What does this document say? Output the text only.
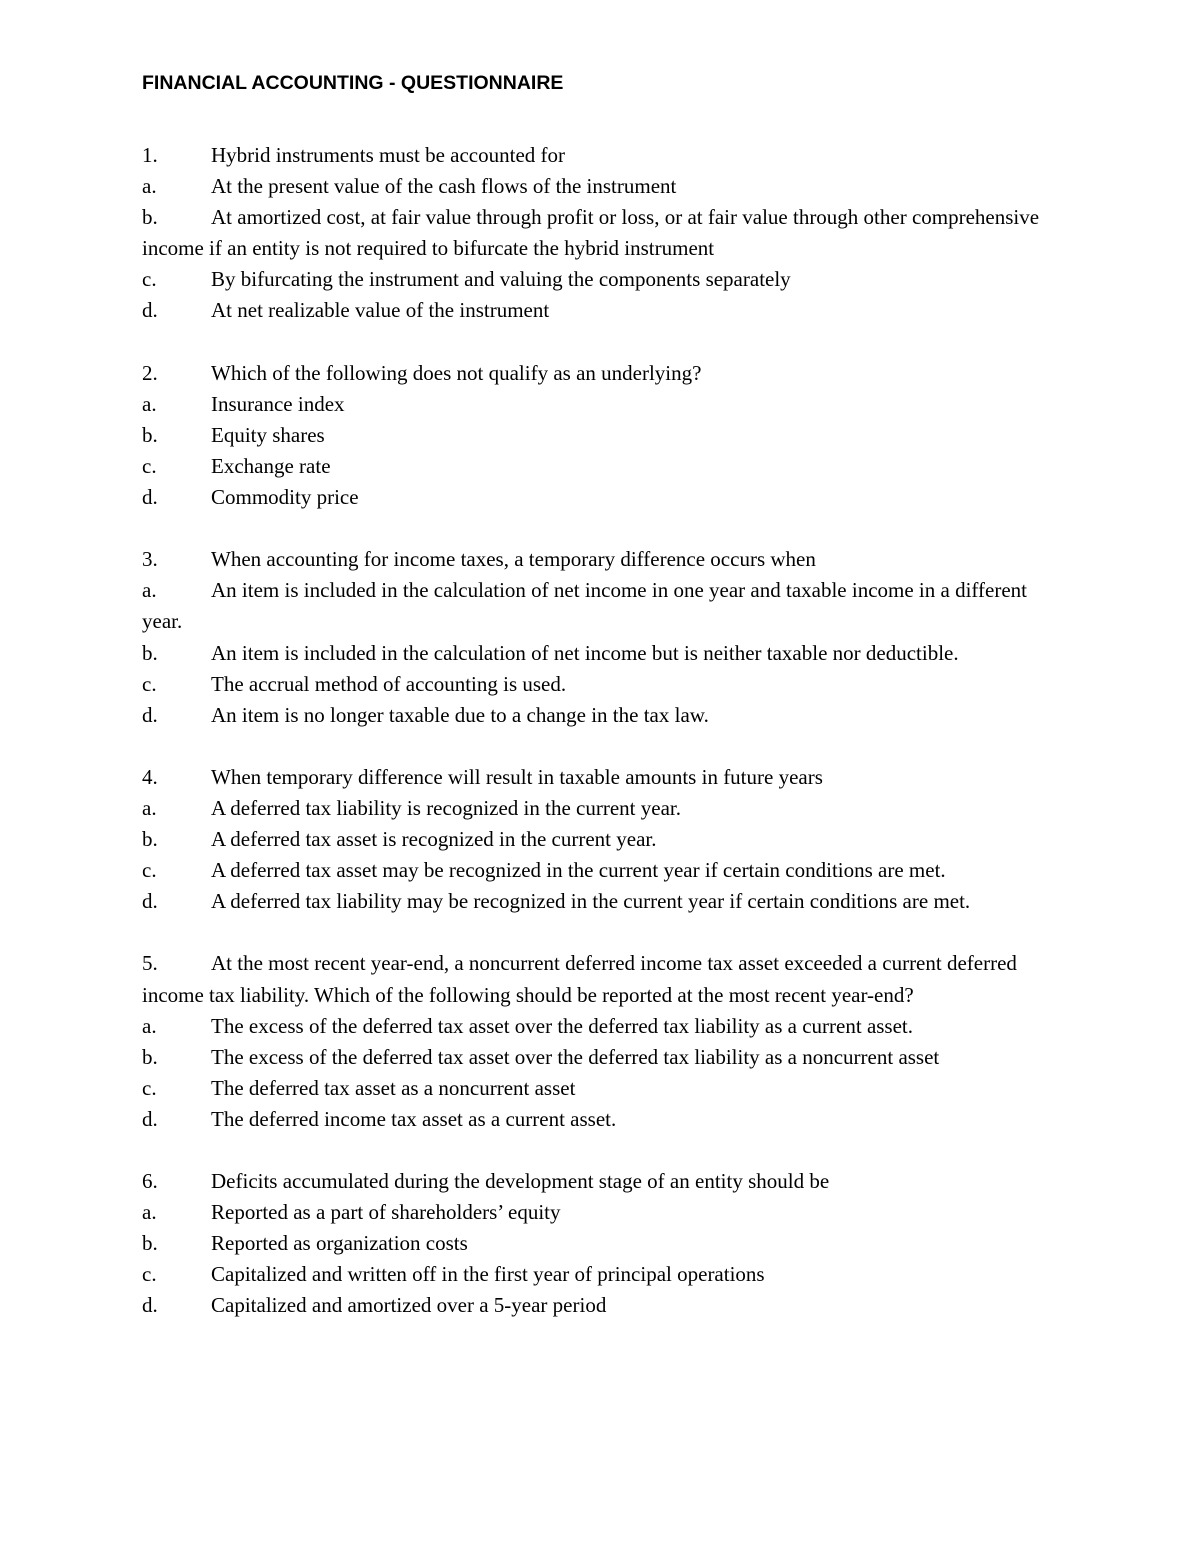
FINANCIAL ACCOUNTING - QUESTIONNAIRE

1.	Hybrid instruments must be accounted for

a.	At the present value of the cash flows of the instrument

b.	At amortized cost, at fair value through profit or loss, or at fair value through other comprehensive income if an entity is not required to bifurcate the hybrid instrument

c.	By bifurcating the instrument and valuing the components separately

d.	At net realizable value of the instrument

2.	Which of the following does not qualify as an underlying?

a.	Insurance index

b.	Equity shares

c.	Exchange rate

d.	Commodity price

3.	When accounting for income taxes, a temporary difference occurs when

a.	An item is included in the calculation of net income in one year and taxable income in a different year.

b.	An item is included in the calculation of net income but is neither taxable nor deductible.

c.	The accrual method of accounting is used.

d.	An item is no longer taxable due to a change in the tax law.

4.	When temporary difference will result in taxable amounts in future years

a.	A deferred tax liability is recognized in the current year.

b.	A deferred tax asset is recognized in the current year.

c.	A deferred tax asset may be recognized in the current year if certain conditions are met.

d.	A deferred tax liability may be recognized in the current year if certain conditions are met.

5.	At the most recent year-end, a noncurrent deferred income tax asset exceeded a current deferred income tax liability. Which of the following should be reported at the most recent year-end?

a.	The excess of the deferred tax asset over the deferred tax liability as a current asset.

b.	The excess of the deferred tax asset over the deferred tax liability as a noncurrent asset

c.	The deferred tax asset as a noncurrent asset

d.	The deferred income tax asset as a current asset.

6.	Deficits accumulated during the development stage of an entity should be

a.	Reported as a part of shareholders’ equity

b.	Reported as organization costs

c.	Capitalized and written off in the first year of principal operations

d.	Capitalized and amortized over a 5-year period
